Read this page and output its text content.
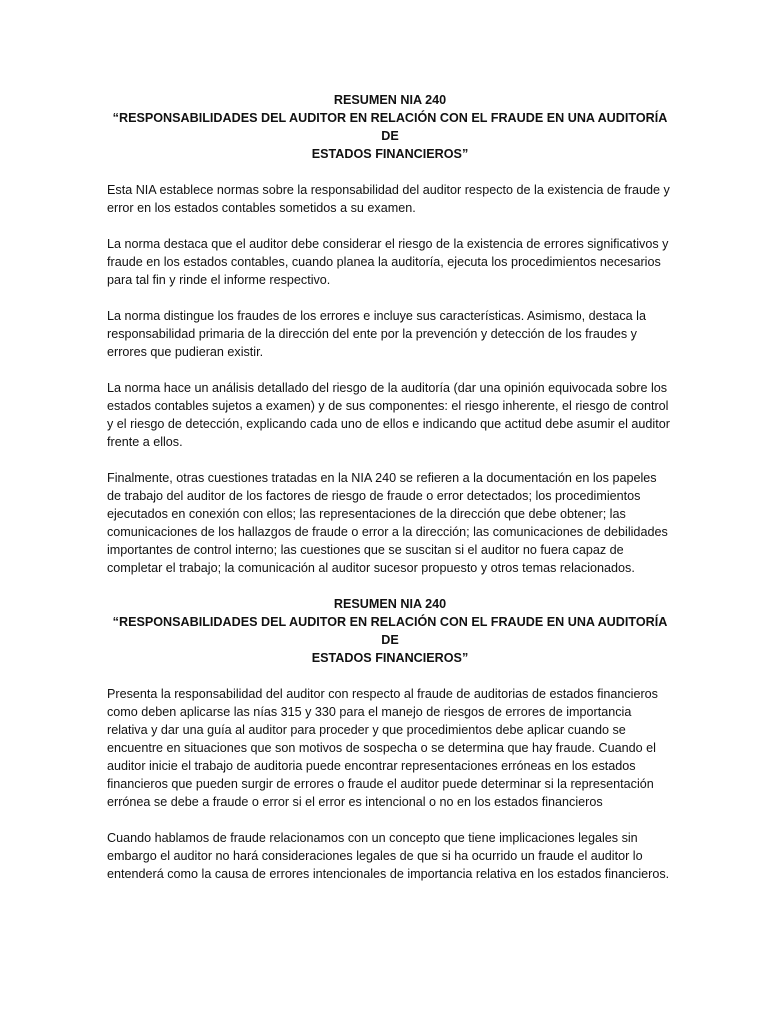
RESUMEN NIA 240
“RESPONSABILIDADES DEL AUDITOR EN RELACIÓN CON EL FRAUDE EN UNA AUDITORÍA DE
ESTADOS FINANCIEROS”

Esta NIA establece normas sobre la responsabilidad del auditor respecto de la existencia de fraude y error en los estados contables sometidos a su examen.

La norma destaca que el auditor debe considerar el riesgo de la existencia de errores significativos y fraude en los estados contables, cuando planea la auditoría, ejecuta los procedimientos necesarios para tal fin y rinde el informe respectivo.

La norma distingue los fraudes de los errores e incluye sus características. Asimismo, destaca la responsabilidad primaria de la dirección del ente por la prevención y detección de los fraudes y errores que pudieran existir.

La norma hace un análisis detallado del riesgo de la auditoría (dar una opinión equivocada sobre los estados contables sujetos a examen) y de sus componentes: el riesgo inherente, el riesgo de control y el riesgo de detección, explicando cada uno de ellos e indicando que actitud debe asumir el auditor frente a ellos.

Finalmente, otras cuestiones tratadas en la NIA 240 se refieren a la documentación en los papeles de trabajo del auditor de los factores de riesgo de fraude o error detectados; los procedimientos ejecutados en conexión con ellos; las representaciones de la dirección que debe obtener; las comunicaciones de los hallazgos de fraude o error a la dirección; las comunicaciones de debilidades importantes de control interno; las cuestiones que se suscitan si el auditor no fuera capaz de completar el trabajo; la comunicación al auditor sucesor propuesto y otros temas relacionados.

RESUMEN NIA 240
“RESPONSABILIDADES DEL AUDITOR EN RELACIÓN CON EL FRAUDE EN UNA AUDITORÍA DE
ESTADOS FINANCIEROS”

Presenta la responsabilidad del auditor con respecto al fraude de auditorias de estados financieros como deben aplicarse las nías 315 y 330 para el manejo de riesgos de errores de importancia relativa y dar una guía al auditor para proceder y que procedimientos debe aplicar cuando se encuentre en situaciones que son motivos de sospecha o se determina que hay fraude. Cuando el auditor inicie el trabajo de auditoria puede encontrar representaciones erróneas en los estados financieros que pueden surgir de errores o fraude el auditor puede determinar si la representación errónea se debe a fraude o error si el error es intencional o no en los estados financieros

Cuando hablamos de fraude relacionamos con un concepto que tiene implicaciones legales sin embargo el auditor no hará consideraciones legales de que si ha ocurrido un fraude el auditor lo entenderá como la causa de errores intencionales de importancia relativa en los estados financieros.
